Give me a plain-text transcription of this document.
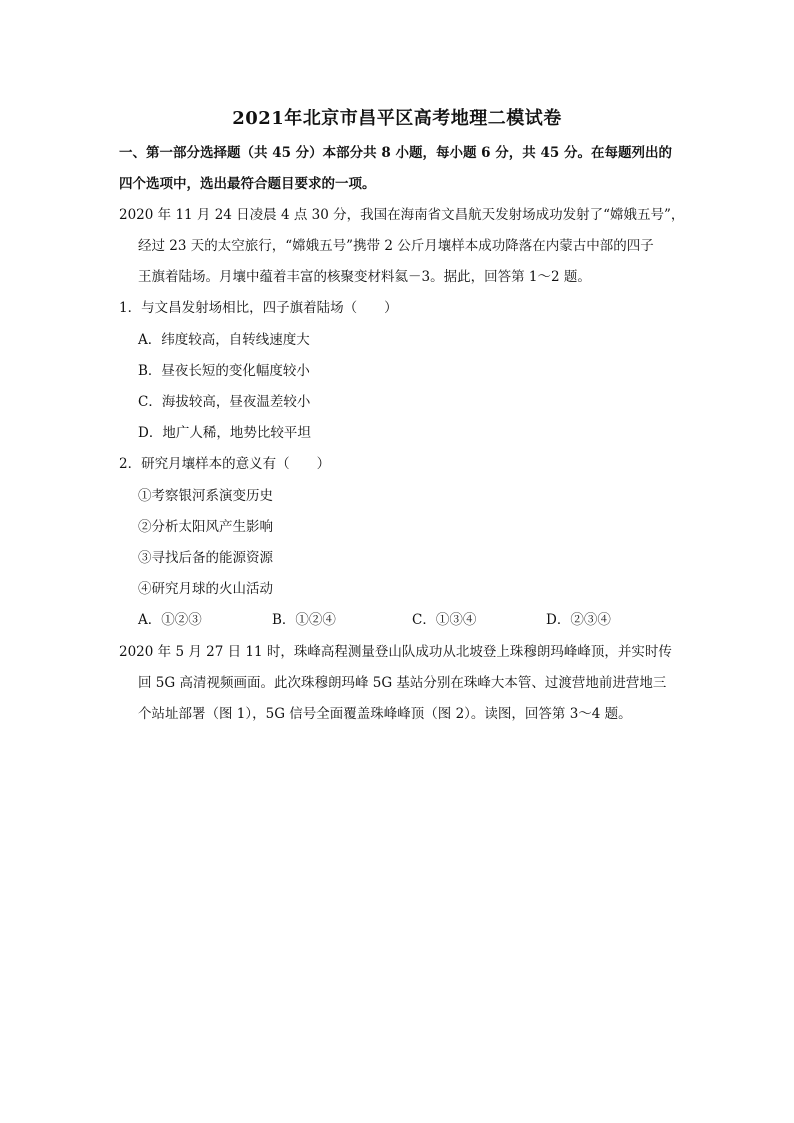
2021年北京市昌平区高考地理二模试卷
一、第一部分选择题（共 45 分）本部分共 8 小题，每小题 6 分，共 45 分。在每题列出的
四个选项中，选出最符合题目要求的一项。
2020 年 11 月 24 日凌晨 4 点 30 分，我国在海南省文昌航天发射场成功发射了“嫦娥五号”，
经过 23 天的太空旅行，“嫦娥五号”携带 2 公斤月壤样本成功降落在内蒙古中部的四子
王旗着陆场。月壤中蕴着丰富的核聚变材料氦－3。据此，回答第 1～2 题。
1．与文昌发射场相比，四子旗着陆场（　　）
A．纬度较高，自转线速度大
B．昼夜长短的变化幅度较小
C．海拔较高，昼夜温差较小
D．地广人稀，地势比较平坦
2．研究月壤样本的意义有（　　）
①考察银河系演变历史
②分析太阳风产生影响
③寻找后备的能源资源
④研究月球的火山活动
A．①②③	B．①②④	C．①③④	D．②③④
2020 年 5 月 27 日 11 时，珠峰高程测量登山队成功从北坡登上珠穆朗玛峰峰顶，并实时传
回 5G 高清视频画面。此次珠穆朗玛峰 5G 基站分别在珠峰大本管、过渡营地前进营地三
个站址部署（图 1），5G 信号全面覆盖珠峰峰顶（图 2）。读图，回答第 3～4 题。
